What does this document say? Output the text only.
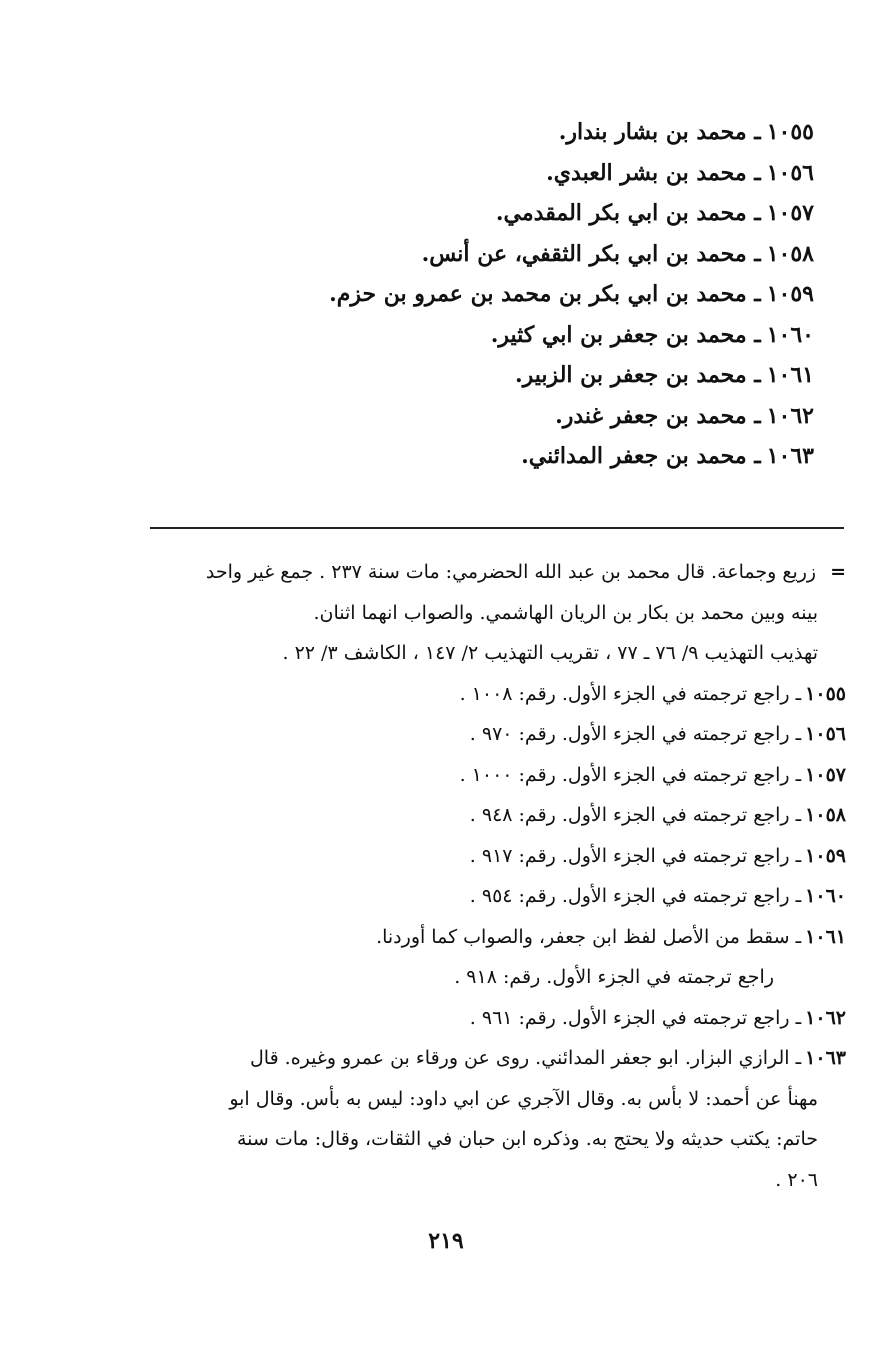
١٠٥٥ـ محمد بن بشار بندار.
١٠٥٦ـ محمد بن بشر العبدي.
١٠٥٧ـ محمد بن ابي بكر المقدمي.
١٠٥٨ـ محمد بن ابي بكر الثقفي، عن أنس.
١٠٥٩ـ محمد بن ابي بكر بن محمد بن عمرو بن حزم.
١٠٦٠ـ محمد بن جعفر بن ابي كثير.
١٠٦١ـ محمد بن جعفر بن الزبير.
١٠٦٢ـ محمد بن جعفر غندر.
١٠٦٣ـ محمد بن جعفر المدائني.
=زريع وجماعة. قال محمد بن عبد الله الحضرمي: مات سنة ٢٣٧ . جمع غير واحد
بينه وبين محمد بن بكار بن الريان الهاشمي. والصواب انهما اثنان.
تهذيب التهذيب ٩/ ٧٦ ـ ٧٧ ، تقريب التهذيب ٢/ ١٤٧ ، الكاشف ٣/ ٢٢ .
١٠٥٥ـ راجع ترجمته في الجزء الأول. رقم: ١٠٠٨ .
١٠٥٦ـ راجع ترجمته في الجزء الأول. رقم: ٩٧٠ .
١٠٥٧ـ راجع ترجمته في الجزء الأول. رقم: ١٠٠٠ .
١٠٥٨ـ راجع ترجمته في الجزء الأول. رقم: ٩٤٨ .
١٠٥٩ـ راجع ترجمته في الجزء الأول. رقم: ٩١٧ .
١٠٦٠ـ راجع ترجمته في الجزء الأول. رقم: ٩٥٤ .
١٠٦١ـ سقط من الأصل لفظ ابن جعفر، والصواب كما أوردنا.
راجع ترجمته في الجزء الأول. رقم: ٩١٨ .
١٠٦٢ـ راجع ترجمته في الجزء الأول. رقم: ٩٦١ .
١٠٦٣ـ الرازي البزار. ابو جعفر المدائني. روى عن ورقاء بن عمرو وغيره. قال
مهنأ عن أحمد: لا بأس به. وقال الآجري عن ابي داود: ليس به بأس. وقال ابو
حاتم: يكتب حديثه ولا يحتج به. وذكره ابن حبان في الثقات، وقال: مات سنة
٢٠٦ .
٢١٩
